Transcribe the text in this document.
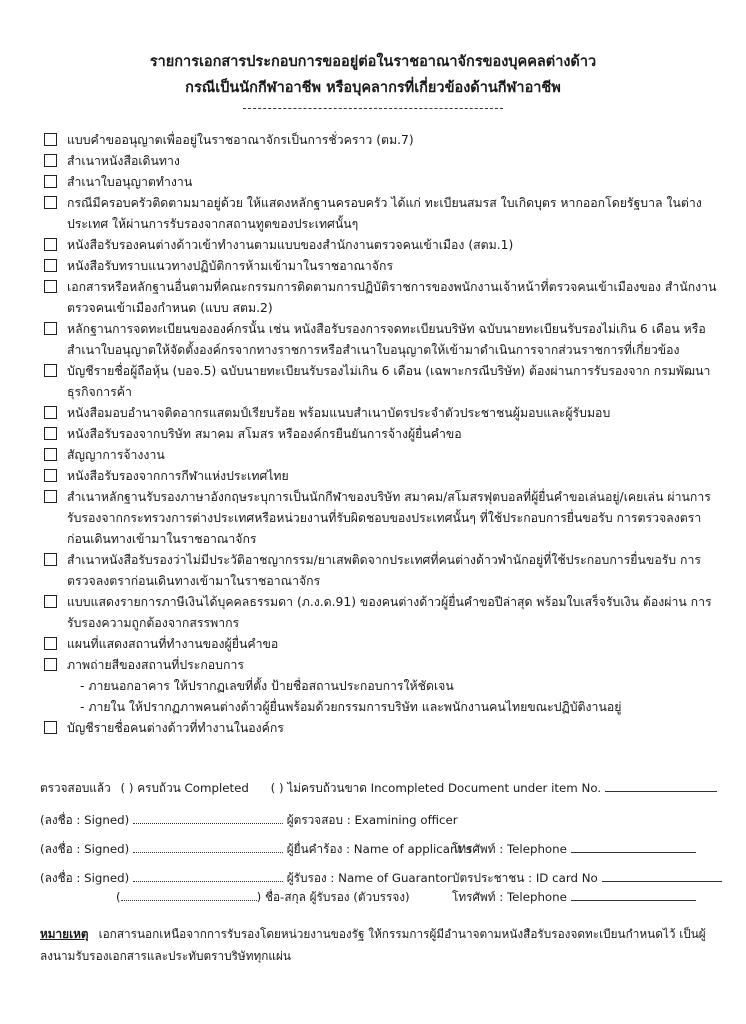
รายการเอกสารประกอบการขออยู่ต่อในราชอาณาจักรของบุคคลต่างด้าว
กรณีเป็นนักกีฬาอาชีพ หรือบุคลากรที่เกี่ยวข้องด้านกีฬาอาชีพ
แบบคำขออนุญาตเพื่ออยู่ในราชอาณาจักรเป็นการชั่วคราว (ตม.7)
สำเนาหนังสือเดินทาง
สำเนาใบอนุญาตทำงาน
กรณีมีครอบครัวติดตามมาอยู่ด้วย ให้แสดงหลักฐานครอบครัว ได้แก่ ทะเบียนสมรส ใบเกิดบุตร หากออกโดยรัฐบาล ในต่างประเทศ ให้ผ่านการรับรองจากสถานทูตของประเทศนั้นๆ
หนังสือรับรองคนต่างด้าวเข้าทำงานตามแบบของสำนักงานตรวจคนเข้าเมือง (สตม.1)
หนังสือรับทราบแนวทางปฏิบัติการห้ามเข้ามาในราชอาณาจักร
เอกสารหรือหลักฐานอื่นตามที่คณะกรรมการติดตามการปฏิบัติราชการของพนักงานเจ้าหน้าที่ตรวจคนเข้าเมืองของ สำนักงานตรวจคนเข้าเมืองกำหนด (แบบ สตม.2)
หลักฐานการจดทะเบียนขององค์กรนั้น เช่น หนังสือรับรองการจดทะเบียนบริษัท ฉบับนายทะเบียนรับรองไม่เกิน 6 เดือน หรือสำเนาใบอนุญาตให้จัดตั้งองค์กรจากทางราชการหรือสำเนาใบอนุญาตให้เข้ามาดำเนินการจากส่วนราชการที่เกี่ยวข้อง
บัญชีรายชื่อผู้ถือหุ้น (บอจ.5) ฉบับนายทะเบียนรับรองไม่เกิน 6 เดือน (เฉพาะกรณีบริษัท) ต้องผ่านการรับรองจาก กรมพัฒนาธุรกิจการค้า
หนังสือมอบอำนาจติดอากรแสตมป์เรียบร้อย พร้อมแนบสำเนาบัตรประจำตัวประชาชนผู้มอบและผู้รับมอบ
หนังสือรับรองจากบริษัท สมาคม สโมสร หรือองค์กรยืนยันการจ้างผู้ยื่นคำขอ
สัญญาการจ้างงาน
หนังสือรับรองจากการกีฬาแห่งประเทศไทย
สำเนาหลักฐานรับรองภาษาอังกฤษระบุการเป็นนักกีฬาของบริษัท สมาคม/สโมสรฟุตบอลที่ผู้ยื่นคำขอเล่นอยู่/เคยเล่น ผ่านการรับรองจากกระทรวงการต่างประเทศหรือหน่วยงานที่รับผิดชอบของประเทศนั้นๆ ที่ใช้ประกอบการยื่นขอรับ การตรวจลงตราก่อนเดินทางเข้ามาในราชอาณาจักร
สำเนาหนังสือรับรองว่าไม่มีประวัติอาชญากรรม/ยาเสพติดจากประเทศที่คนต่างด้าวพำนักอยู่ที่ใช้ประกอบการยื่นขอรับ การตรวจลงตราก่อนเดินทางเข้ามาในราชอาณาจักร
แบบแสดงรายการภาษีเงินได้บุคคลธรรมดา (ภ.ง.ด.91) ของคนต่างด้าวผู้ยื่นคำขอปีล่าสุด พร้อมใบเสร็จรับเงิน ต้องผ่าน การรับรองความถูกต้องจากสรรพากร
แผนที่แสดงสถานที่ทำงานของผู้ยื่นคำขอ
ภาพถ่ายสีของสถานที่ประกอบการ
- ภายนอกอาคาร ให้ปรากฏเลขที่ตั้ง ป้ายชื่อสถานประกอบการให้ชัดเจน
- ภายใน ให้ปรากฏภาพคนต่างด้าวผู้ยื่นพร้อมด้วยกรรมการบริษัท และพนักงานคนไทยขณะปฏิบัติงานอยู่
บัญชีรายชื่อคนต่างด้าวที่ทำงานในองค์กร
ตรวจสอบแล้ว ( ) ครบถ้วน Completed ( ) ไม่ครบถ้วนขาด Incompleted Document under item No.
(ลงชื่อ : Signed)	ผู้ตรวจสอบ : Examining officer
(ลงชื่อ : Signed)	ผู้ยื่นคำร้อง : Name of applicant’s
โทรศัพท์ : Telephone
(ลงชื่อ : Signed)	ผู้รับรอง : Name of Guarantor บัตรประชาชน : ID card No
(	) ชื่อ-สกุล ผู้รับรอง (ตัวบรรจง)	โทรศัพท์ : Telephone
หมายเหตุ เอกสารนอกเหนือจากการรับรองโดยหน่วยงานของรัฐ ให้กรรมการผู้มีอำนาจตามหนังสือรับรองจดทะเบียนกำหนดไว้ เป็นผู้ลงนามรับรองเอกสารและประทับตราบริษัททุกแผ่น
